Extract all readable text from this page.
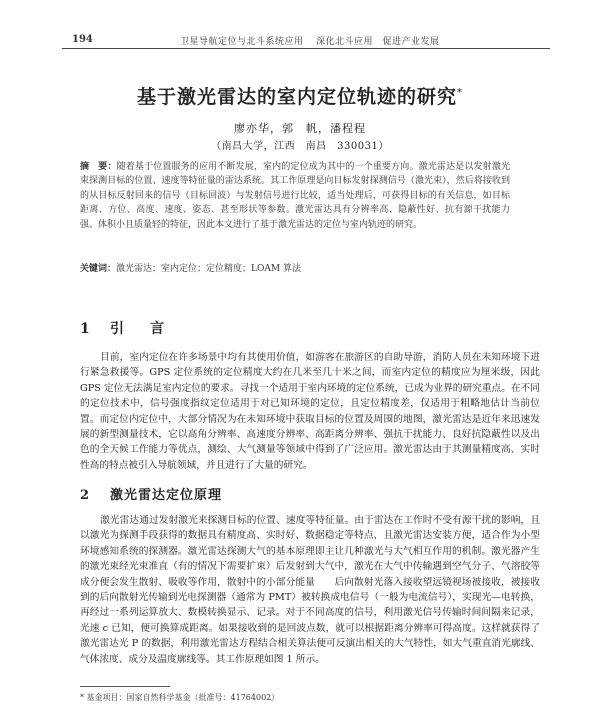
194	卫星导航定位与北斗系统应用 深化北斗应用　促进产业发展
基于激光雷达的室内定位轨迹的研究*
廖亦华，郭　帆，潘程程
（南昌大学，江西　南昌　330031）
摘　要：随着基于位置服务的应用不断发展，室内的定位成为其中的一个重要方向。激光雷达是以发射激光束探测目标的位置、速度等特征量的雷达系统。其工作原理是向目标发射探测信号（激光束），然后将接收到的从目标反射回来的信号（目标回波）与发射信号进行比较，适当处理后，可获得目标的有关信息，如目标距离、方位、高度、速度、姿态、甚至形状等参数。激光雷达具有分辨率高、隐蔽性好、抗有源干扰能力强、体积小且质量轻的特征，因此本文进行了基于激光雷达的定位与室内轨迹的研究。
关键词：激光雷达；室内定位；定位精度；LOAM 算法
1 引　言
目前，室内定位在许多场景中均有其使用价值，如游客在旅游区的自助导游，消防人员在未知环境下进行紧急救援等。GPS 定位系统的定位精度大约在几米至几十米之间，而室内定位的精度应为厘米级，因此 GPS 定位无法满足室内定位的要求。寻找一个适用于室内环境的定位系统，已成为业界的研究重点。在不同的定位技术中，信号强度指纹定位适用于对已知环境的定位，且定位精度差，仅适用于粗略地估计当前位置。而定位内定位中，大部分情况为在未知环境中获取目标的位置及周围的地图，激光雷达是近年来迅速发展的新型测量技术，它以高角分辨率、高速度分辨率、高距离分辨率、强抗干扰能力、良好抗隐蔽性以及出色的全天候工作能力等优点，测绘、大气测量等领域中得到了广泛应用。激光雷达由于其测量精度高、实时性高的特点被引入导航领域，并且进行了大量的研究。
2 激光雷达定位原理
激光雷达通过发射激光来探测目标的位置、速度等特征量。由于雷达在工作时不受有源干扰的影响，且以激光为探测手段获得的数据具有精度高、实时好、数据稳定等特点，且激光雷达安装方便，适合作为小型环境感知系统的探测器。激光雷达探测大气的基本原理即主让几种激光与大气相互作用的机制。激光器产生的激光束经光束准直（有的情况下需要扩束）后发射到大气中，激光在大气中传输遇到空气分子、气溶胶等成分便会发生散射、吸收等作用，散射中的小部分能量　　后向散射光落入接收望远镜视场被接收，被接收到的后向散射光传输到光电探测器（通常为 PMT）被转换成电信号（一般为电流信号），实现光—电转换，再经过一系列运算放大、数模转换显示、记录。对于不同高度的信号，利用激光信号传输时间间隔来记录，光速 c 已知，便可换算成距离。如果接收到的是回波点数，就可以根据距离分辨率可得高度。这样就获得了激光雷达光 P 的数据，利用激光雷达方程结合相关算法便可反演出相关的大气特性，如大气重直消光廓线、气体浓度、成分及温度廓线等。其工作原理如图 1 所示。
* 基金项目：国家自然科学基金（批准号：41764002）
